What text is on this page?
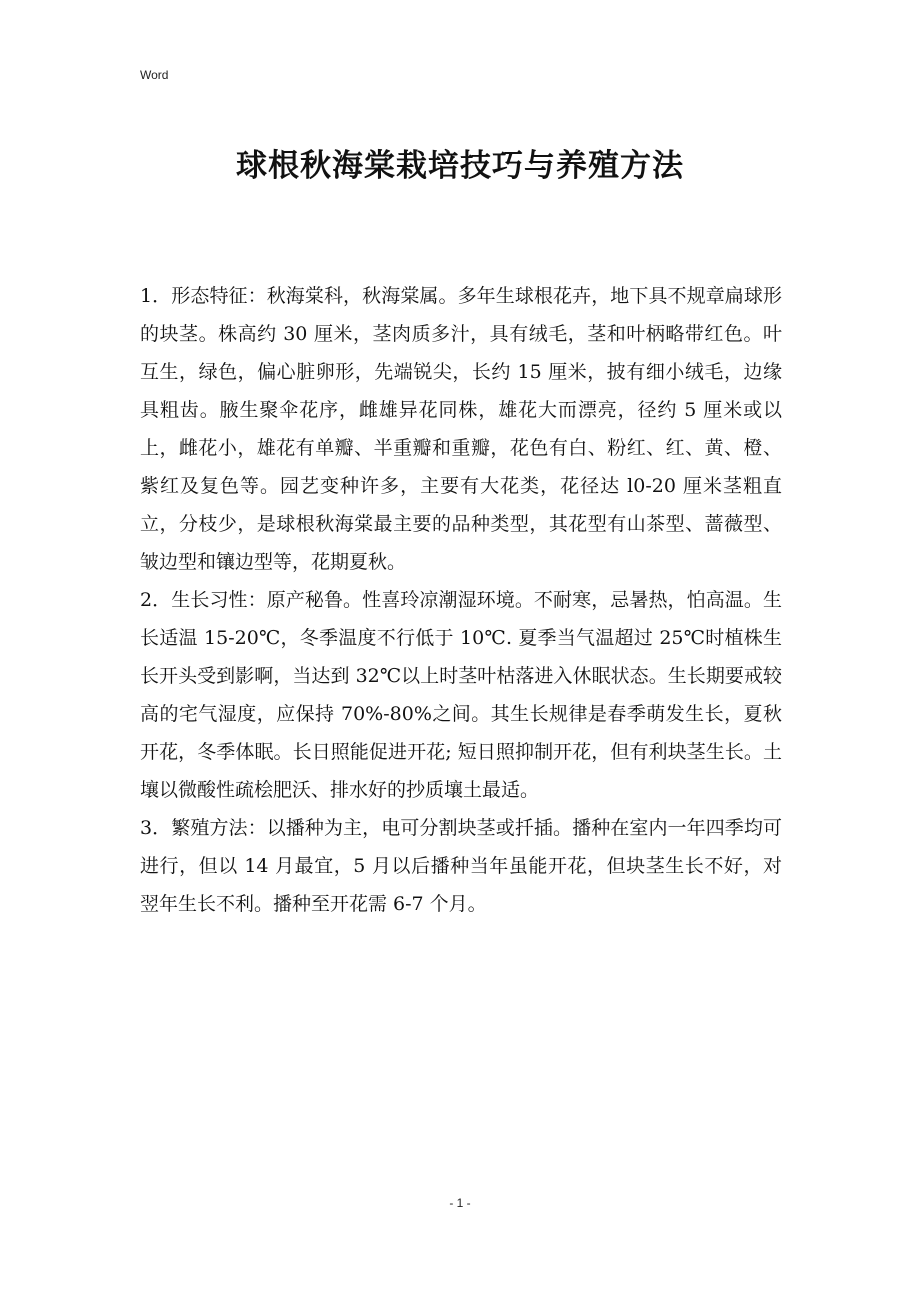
Word
球根秋海棠栽培技巧与养殖方法

1．形态特征：秋海棠科，秋海棠属。多年生球根花卉，地下具不规章扁球形的块茎。株高约 30 厘米，茎肉质多汁，具有绒毛，茎和叶柄略带红色。叶互生，绿色，偏心脏卵形，先端锐尖，长约 15 厘米，披有细小绒毛，边缘具粗齿。腋生聚伞花序，雌雄异花同株，雄花大而漂亮，径约 5 厘米或以上，雌花小，雄花有单瓣、半重瓣和重瓣，花色有白、粉红、红、黄、橙、紫红及复色等。园艺变种许多，主要有大花类，花径达 l0-20 厘米茎粗直立，分枝少，是球根秋海棠最主要的品种类型，其花型有山茶型、蔷薇型、皱边型和镶边型等，花期夏秋。

2．生长习性：原产秘鲁。性喜玲凉潮湿环境。不耐寒，忌暑热，怕高温。生长适温 15-20℃，冬季温度不行低于 10℃. 夏季当气温超过 25℃时植株生长开头受到影啊，当达到 32℃以上时茎叶枯落进入休眠状态。生长期要戒较高的宅气湿度，应保持 70%-80%之间。其生长规律是春季萌发生长，夏秋开花，冬季体眠。长日照能促进开花; 短日照抑制开花，但有利块茎生长。土壤以微酸性疏桧肥沃、排水好的抄质壤土最适。

3．繁殖方法：以播种为主，电可分割块茎或扦插。播种在室内一年四季均可进行，但以 14 月最宜，5 月以后播种当年虽能开花，但块茎生长不好，对翌年生长不利。播种至开花需 6-7 个月。

- 1 -
